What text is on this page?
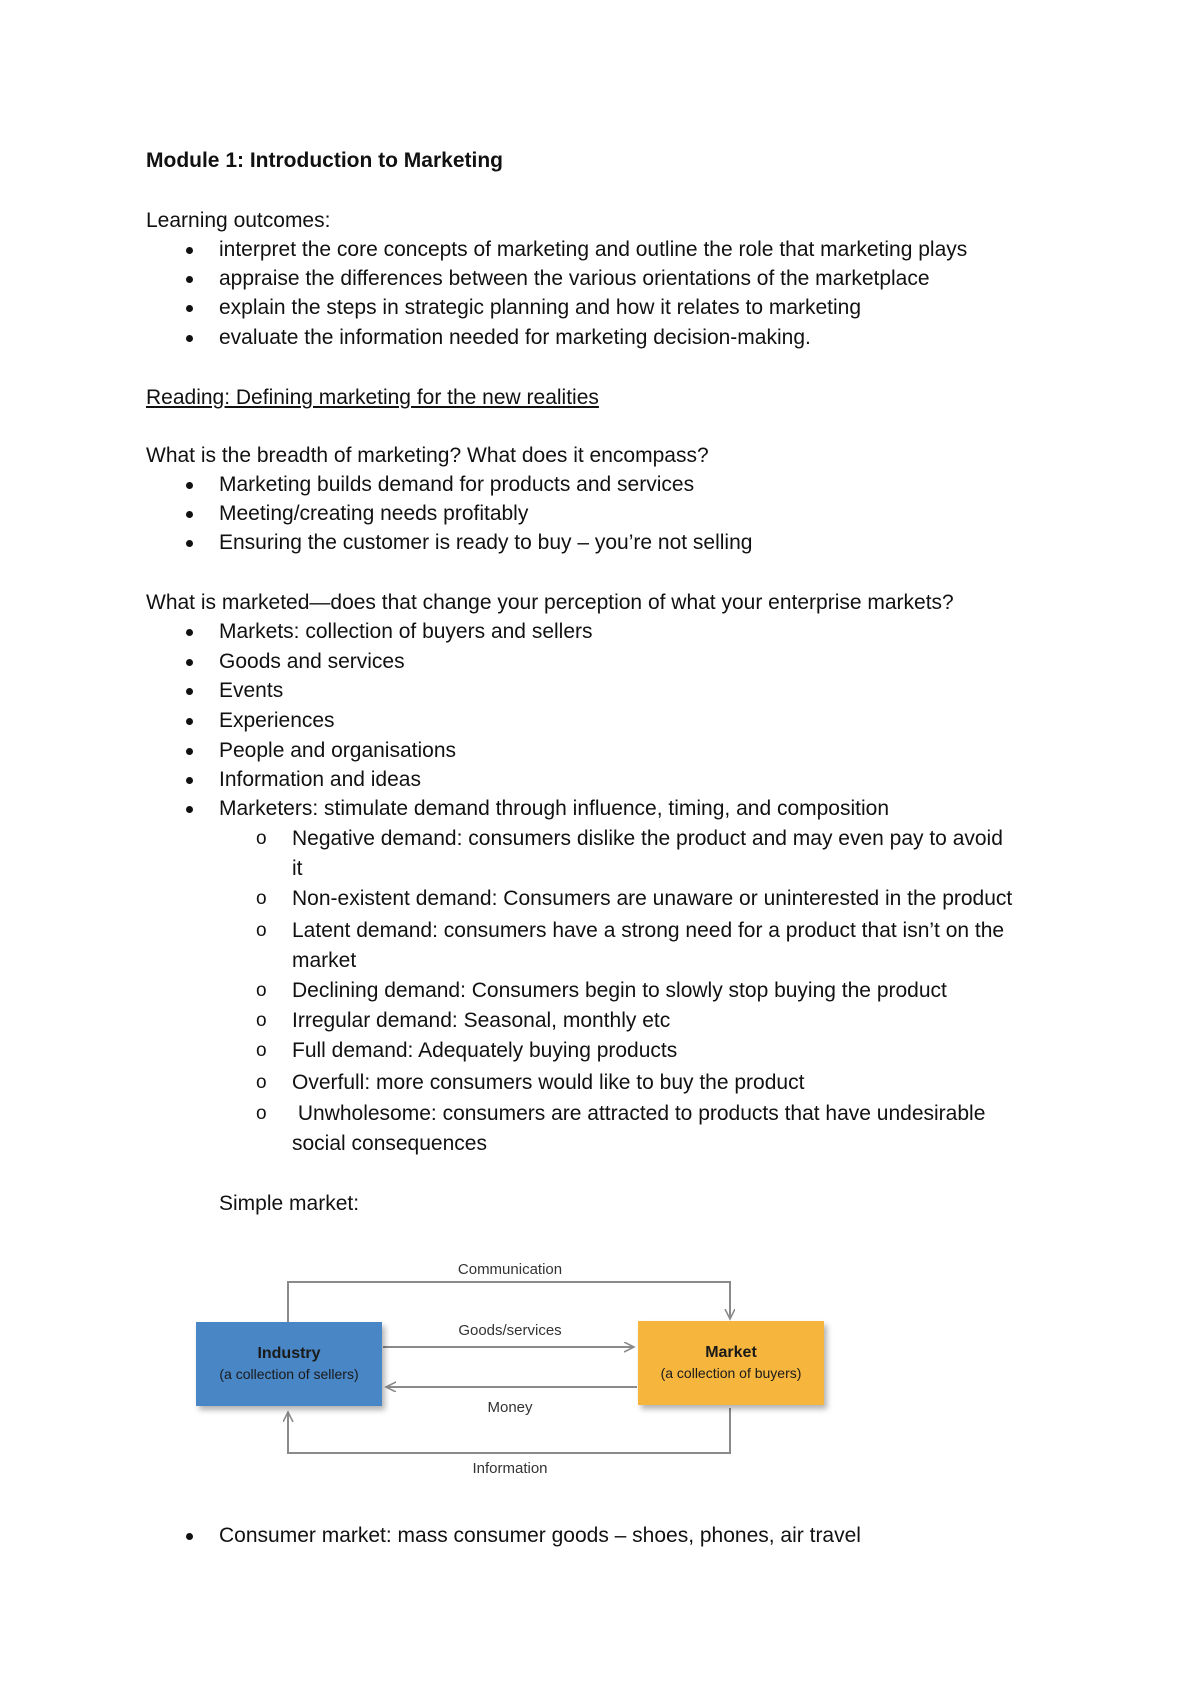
Module 1: Introduction to Marketing
Learning outcomes:
interpret the core concepts of marketing and outline the role that marketing plays
appraise the differences between the various orientations of the marketplace
explain the steps in strategic planning and how it relates to marketing
evaluate the information needed for marketing decision-making.
Reading: Defining marketing for the new realities
What is the breadth of marketing? What does it encompass?
Marketing builds demand for products and services
Meeting/creating needs profitably
Ensuring the customer is ready to buy – you’re not selling
What is marketed—does that change your perception of what your enterprise markets?
Markets: collection of buyers and sellers
Goods and services
Events
Experiences
People and organisations
Information and ideas
Marketers: stimulate demand through influence, timing, and composition
o Negative demand: consumers dislike the product and may even pay to avoid
it
o Non-existent demand: Consumers are unaware or uninterested in the product
o Latent demand: consumers have a strong need for a product that isn’t on the
market
o Declining demand: Consumers begin to slowly stop buying the product
o Irregular demand: Seasonal, monthly etc
o Full demand: Adequately buying products
o Overfull: more consumers would like to buy the product
o Unwholesome: consumers are attracted to products that have undesirable
social consequences
Simple market:
Communication
Goods/services
Money
Information
Industry
(a collection of sellers)
Market
(a collection of buyers)
Consumer market: mass consumer goods – shoes, phones, air travel
